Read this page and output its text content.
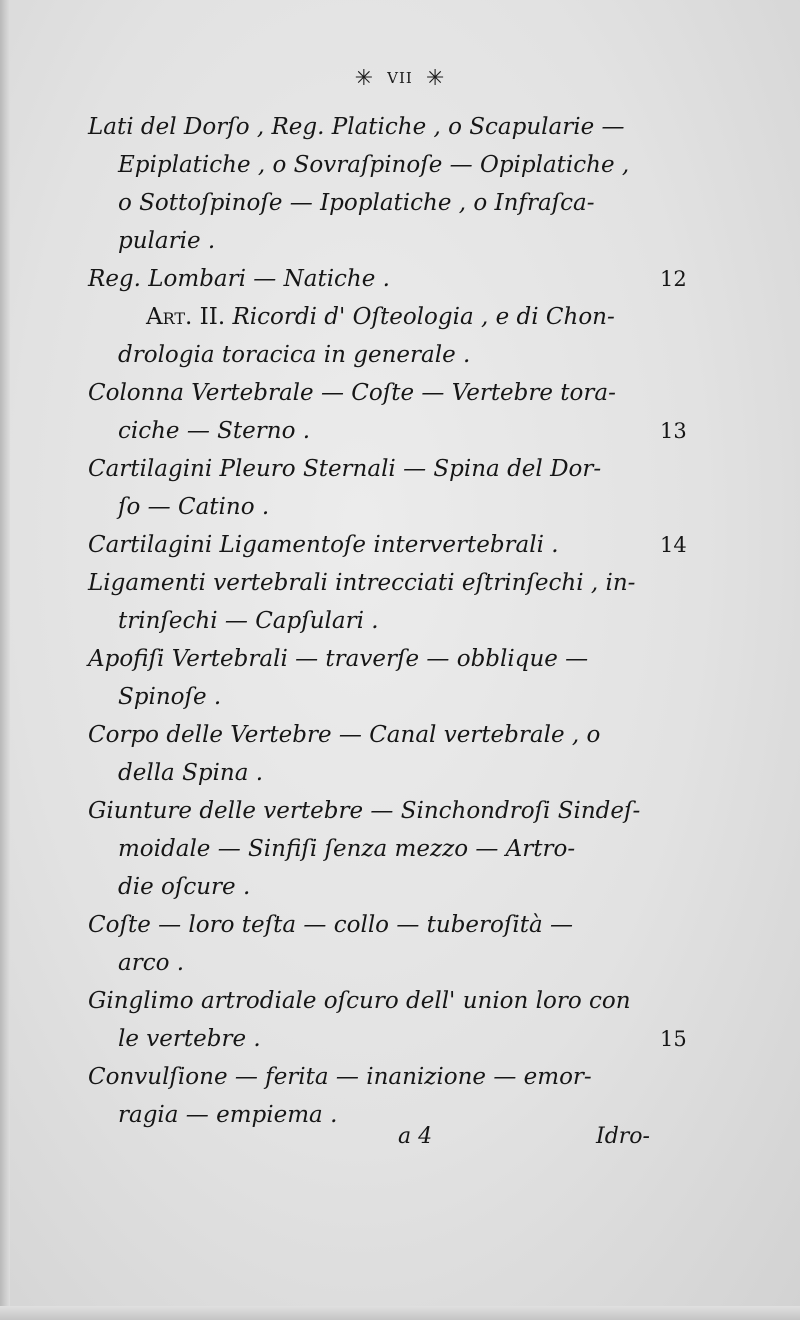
✳ VII ✳
Lati del Dorſo , Reg. Platiche , o Scapularie —
Epiplatiche , o Sovraſpinoſe — Opiplatiche ,
o Sottoſpinoſe — Ipoplatiche , o Infraſca-
pularie .
Reg. Lombari — Natiche .	12
Art. II. Ricordi d' Oſteologia , e di Chon-
drologia toracica in generale .
Colonna Vertebrale — Coſte — Vertebre tora-
ciche — Sterno .	13
Cartilagini Pleuro Sternali — Spina del Dor-
ſo — Catino .
Cartilagini Ligamentoſe intervertebrali .	14
Ligamenti vertebrali intrecciati eſtrinſechi , in-
trinſechi — Capſulari .
Apofiſi Vertebrali — traverſe — obblique —
Spinoſe .
Corpo delle Vertebre — Canal vertebrale , o
della Spina .
Giunture delle vertebre — Sinchondroſi Sindeſ-
moidale — Sinfiſi ſenza mezzo — Artro-
die oſcure .
Coſte — loro teſta — collo — tuberoſità —
arco .
Ginglimo artrodiale oſcuro dell' union loro con
le vertebre .	15
Convulſione — ferita — inanizione — emor-
ragia — empiema .
a 4	Idro-
